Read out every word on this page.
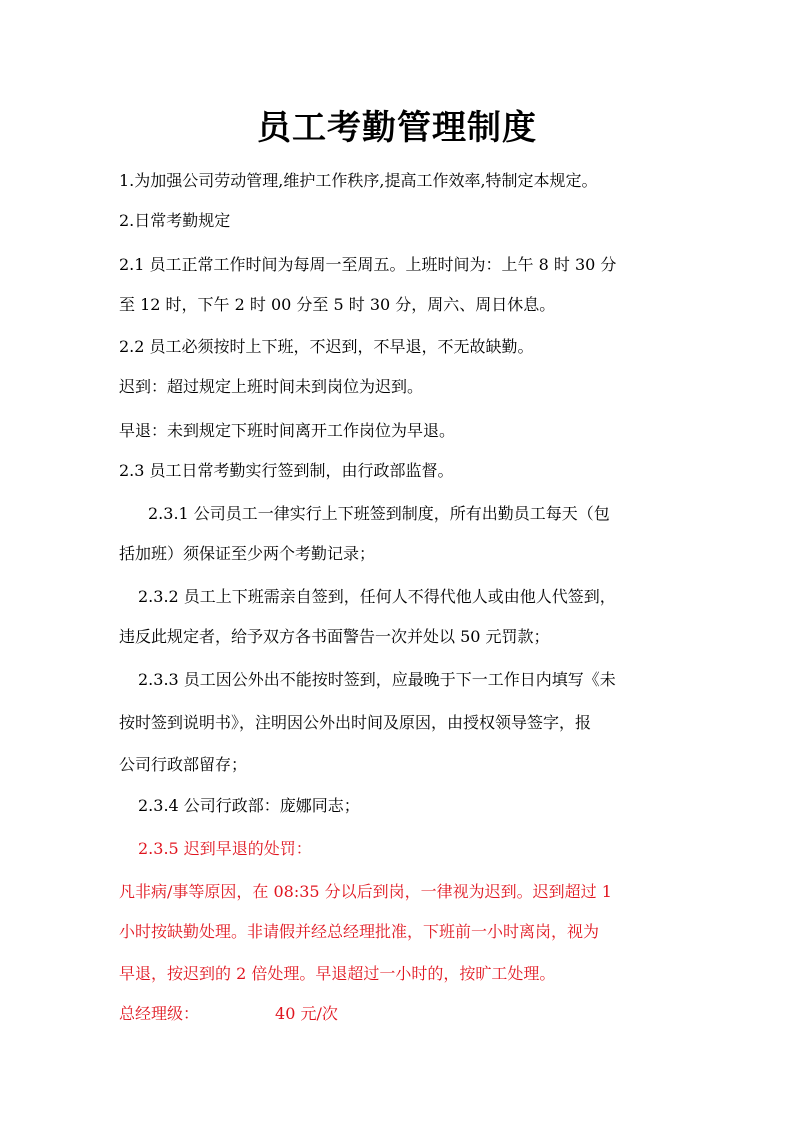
员工考勤管理制度
1.为加强公司劳动管理,维护工作秩序,提高工作效率,特制定本规定。
2.日常考勤规定
2.1 员工正常工作时间为每周一至周五。上班时间为：上午 8 时 30 分
至 12 时，下午 2 时 00 分至 5 时 30 分，周六、周日休息。
2.2 员工必须按时上下班，不迟到，不早退，不无故缺勤。
迟到：超过规定上班时间未到岗位为迟到。
早退：未到规定下班时间离开工作岗位为早退。
2.3 员工日常考勤实行签到制，由行政部监督。
2.3.1 公司员工一律实行上下班签到制度，所有出勤员工每天（包
括加班）须保证至少两个考勤记录；
2.3.2 员工上下班需亲自签到，任何人不得代他人或由他人代签到，
违反此规定者，给予双方各书面警告一次并处以 50 元罚款；
2.3.3 员工因公外出不能按时签到，应最晚于下一工作日内填写《未
按时签到说明书》，注明因公外出时间及原因，由授权领导签字，报
公司行政部留存；
2.3.4 公司行政部：庞娜同志；
2.3.5 迟到早退的处罚：
凡非病/事等原因，在 08:35 分以后到岗，一律视为迟到。迟到超过 1
小时按缺勤处理。非请假并经总经理批准，下班前一小时离岗，视为
早退，按迟到的 2 倍处理。早退超过一小时的，按旷工处理。
总经理级：	40 元/次
